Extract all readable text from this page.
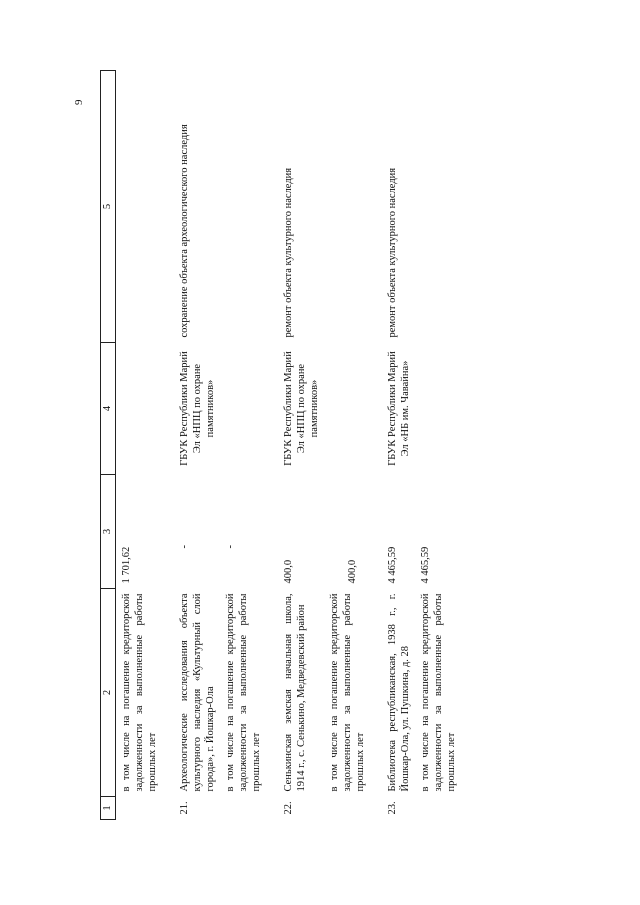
9
1	2	3	4	5
	в том числе на погашение кредиторской задолженности за выполненные работы прошлых лет	1 701,62		

21.	Археологические исследования объекта культурного наследия «Культурный слой города», г. Йошкар-Ола	-	ГБУК Республики Марий Эл «НПЦ по охране памятников»	сохранение объекта археологического наследия
	в том числе на погашение кредиторской задолженности за выполненные работы прошлых лет	-		

22.	Сенькинская земская начальная школа, 1914 г., с. Сенькино, Медведевский район	400,0	ГБУК Республики Марий Эл «НПЦ по охране памятников»	ремонт объекта культурного наследия
	в том числе на погашение кредиторской задолженности за выполненные работы прошлых лет	400,0		

23.	Библиотека республиканская, 1938 г., г. Йошкар-Ола, ул. Пушкина, д. 28	4 465,59	ГБУК Республики Марий Эл «НБ им. Чавайна»	ремонт объекта культурного наследия
	в том числе на погашение кредиторской задолженности за выполненные работы прошлых лет	4 465,59		
